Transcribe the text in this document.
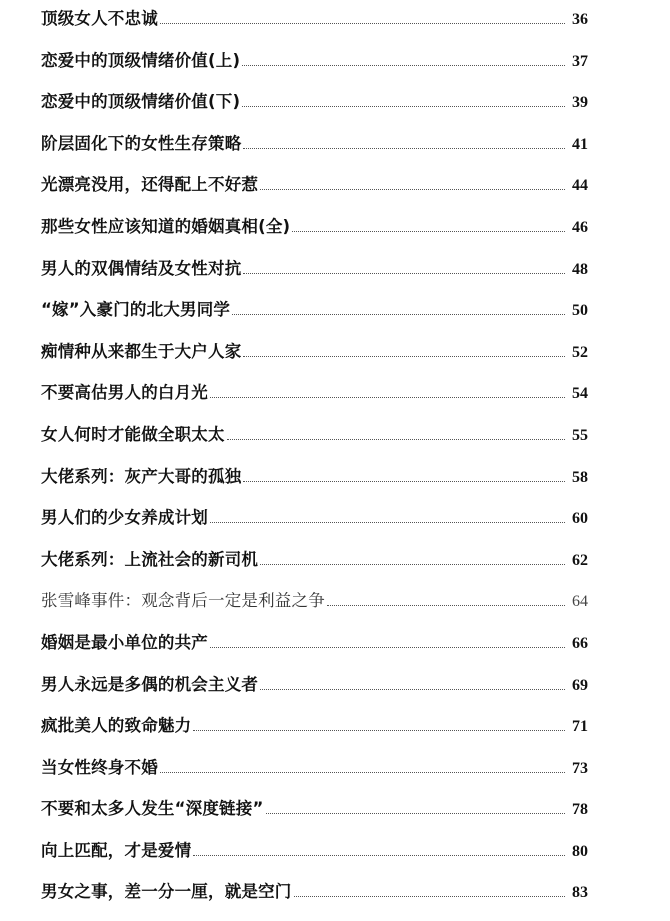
顶级女人不忠诚	36
恋爱中的顶级情绪价值(上)	37
恋爱中的顶级情绪价值(下)	39
阶层固化下的女性生存策略	41
光漂亮没用，还得配上不好惹	44
那些女性应该知道的婚姻真相(全)	46
男人的双偶情结及女性对抗	48
“嫁”入豪门的北大男同学	50
痴情种从来都生于大户人家	52
不要高估男人的白月光	54
女人何时才能做全职太太	55
大佬系列：灰产大哥的孤独	58
男人们的少女养成计划	60
大佬系列：上流社会的新司机	62
张雪峰事件：观念背后一定是利益之争	64
婚姻是最小单位的共产	66
男人永远是多偶的机会主义者	69
疯批美人的致命魅力	71
当女性终身不婚	73
不要和太多人发生“深度链接”	78
向上匹配，才是爱情	80
男女之事，差一分一厘，就是空门	83
